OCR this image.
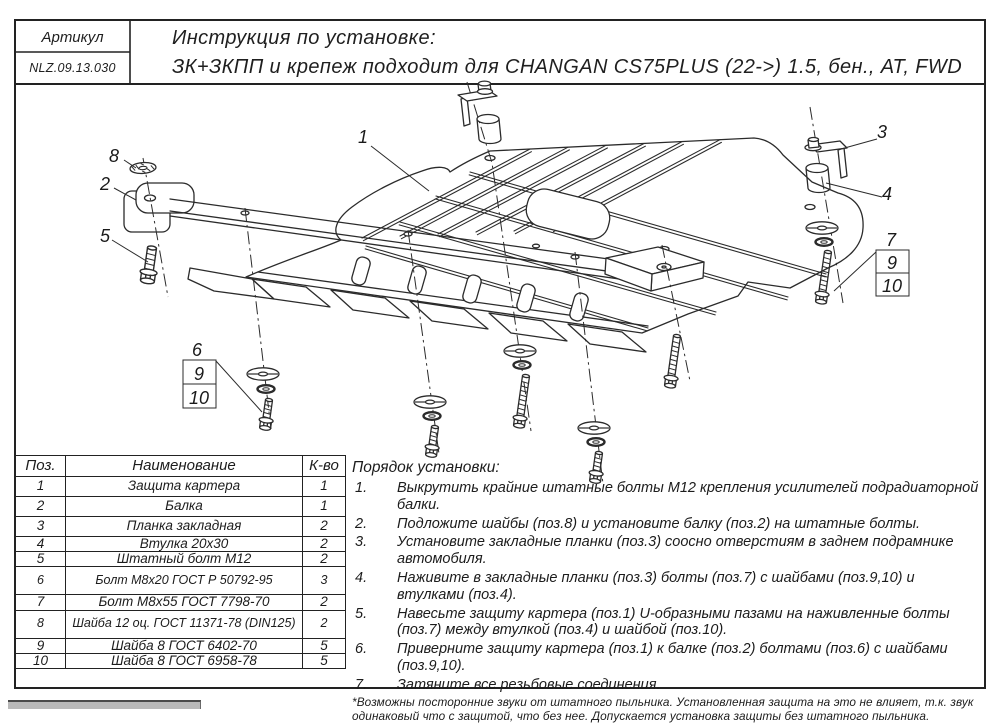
1
2
3
4
5
8
6
9
10
7
9
10
Артикул
NLZ.09.13.030
Инструкция по установке:
ЗК+ЗКПП и крепеж подходит для CHANGAN CS75PLUS (22->) 1.5, бен., АТ, FWD
Поз.	Наименование	К-во
1	Защита картера	1
2	Балка	1
3	Планка закладная	2
4	Втулка 20х30	2
5	Штатный болт М12	2
6	Болт М8х20 ГОСТ Р 50792-95	3
7	Болт М8х55 ГОСТ 7798-70	2
8	Шайба 12 оц. ГОСТ 11371-78 (DIN125)	2
9	Шайба 8 ГОСТ 6402-70	5
10	Шайба 8 ГОСТ 6958-78	5
Порядок установки:
1.	Выкрутить крайние штатные болты М12 крепления усилителей подрадиаторной балки.
2.	Подложите шайбы (поз.8) и установите балку (поз.2) на штатные болты.
3.	Установите закладные планки (поз.3) соосно отверстиям в заднем подрамнике автомобиля.
4.	Наживите в закладные планки (поз.3) болты (поз.7) с шайбами (поз.9,10) и втулками (поз.4).
5.	Навесьте защиту картера (поз.1) U-образными пазами на наживленные болты (поз.7) между втулкой (поз.4) и шайбой (поз.10).
6.	Приверните защиту картера (поз.1) к балке (поз.2) болтами (поз.6) с шайбами (поз.9,10).
7.	Затяните все резьбовые соединения.
*Возможны посторонние звуки от штатного пыльника. Установленная защита на это не влияет, т.к. звук одинаковый что с защитой, что без нее. Допускается установка защиты без штатного пыльника.
